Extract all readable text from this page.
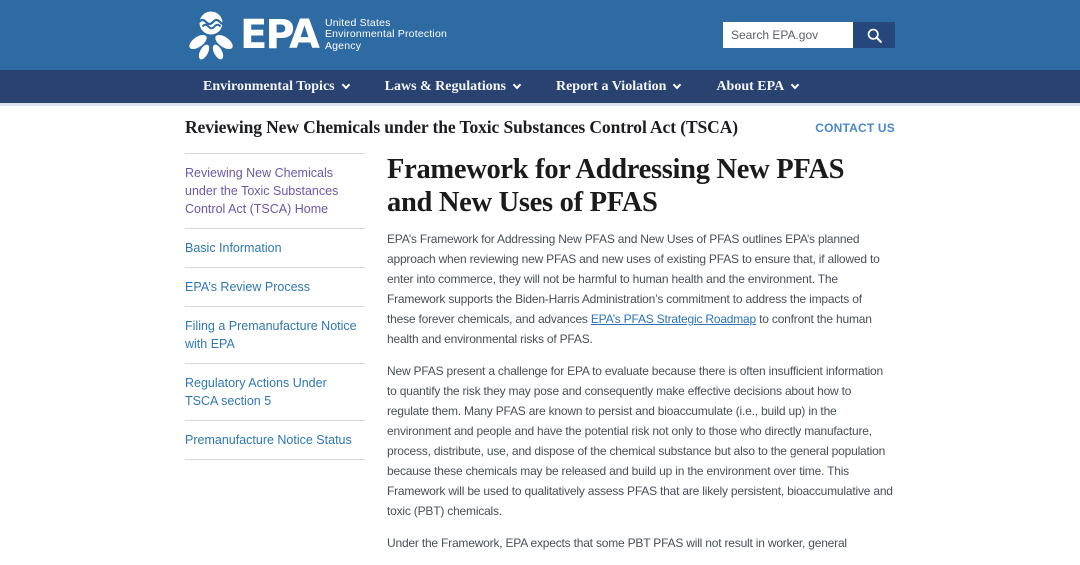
EPA United States
Environmental Protection
Agency
Search EPA.gov
Environmental Topics	Laws & Regulations	Report a Violation	About EPA
Reviewing New Chemicals under the Toxic Substances Control Act (TSCA)	CONTACT US
Reviewing New Chemicals under the Toxic Substances Control Act (TSCA) Home
Basic Information
EPA’s Review Process
Filing a Premanufacture Notice with EPA
Regulatory Actions Under TSCA section 5
Premanufacture Notice Status
Framework for Addressing New PFAS and New Uses of PFAS

EPA’s Framework for Addressing New PFAS and New Uses of PFAS outlines EPA’s planned approach when reviewing new PFAS and new uses of existing PFAS to ensure that, if allowed to enter into commerce, they will not be harmful to human health and the environment. The Framework supports the Biden-Harris Administration’s commitment to address the impacts of these forever chemicals, and advances EPA’s PFAS Strategic Roadmap to confront the human health and environmental risks of PFAS.

New PFAS present a challenge for EPA to evaluate because there is often insufficient information to quantify the risk they may pose and consequently make effective decisions about how to regulate them. Many PFAS are known to persist and bioaccumulate (i.e., build up) in the environment and people and have the potential risk not only to those who directly manufacture, process, distribute, use, and dispose of the chemical substance but also to the general population because these chemicals may be released and build up in the environment over time. This Framework will be used to qualitatively assess PFAS that are likely persistent, bioaccumulative and toxic (PBT) chemicals.

Under the Framework, EPA expects that some PBT PFAS will not result in worker, general
